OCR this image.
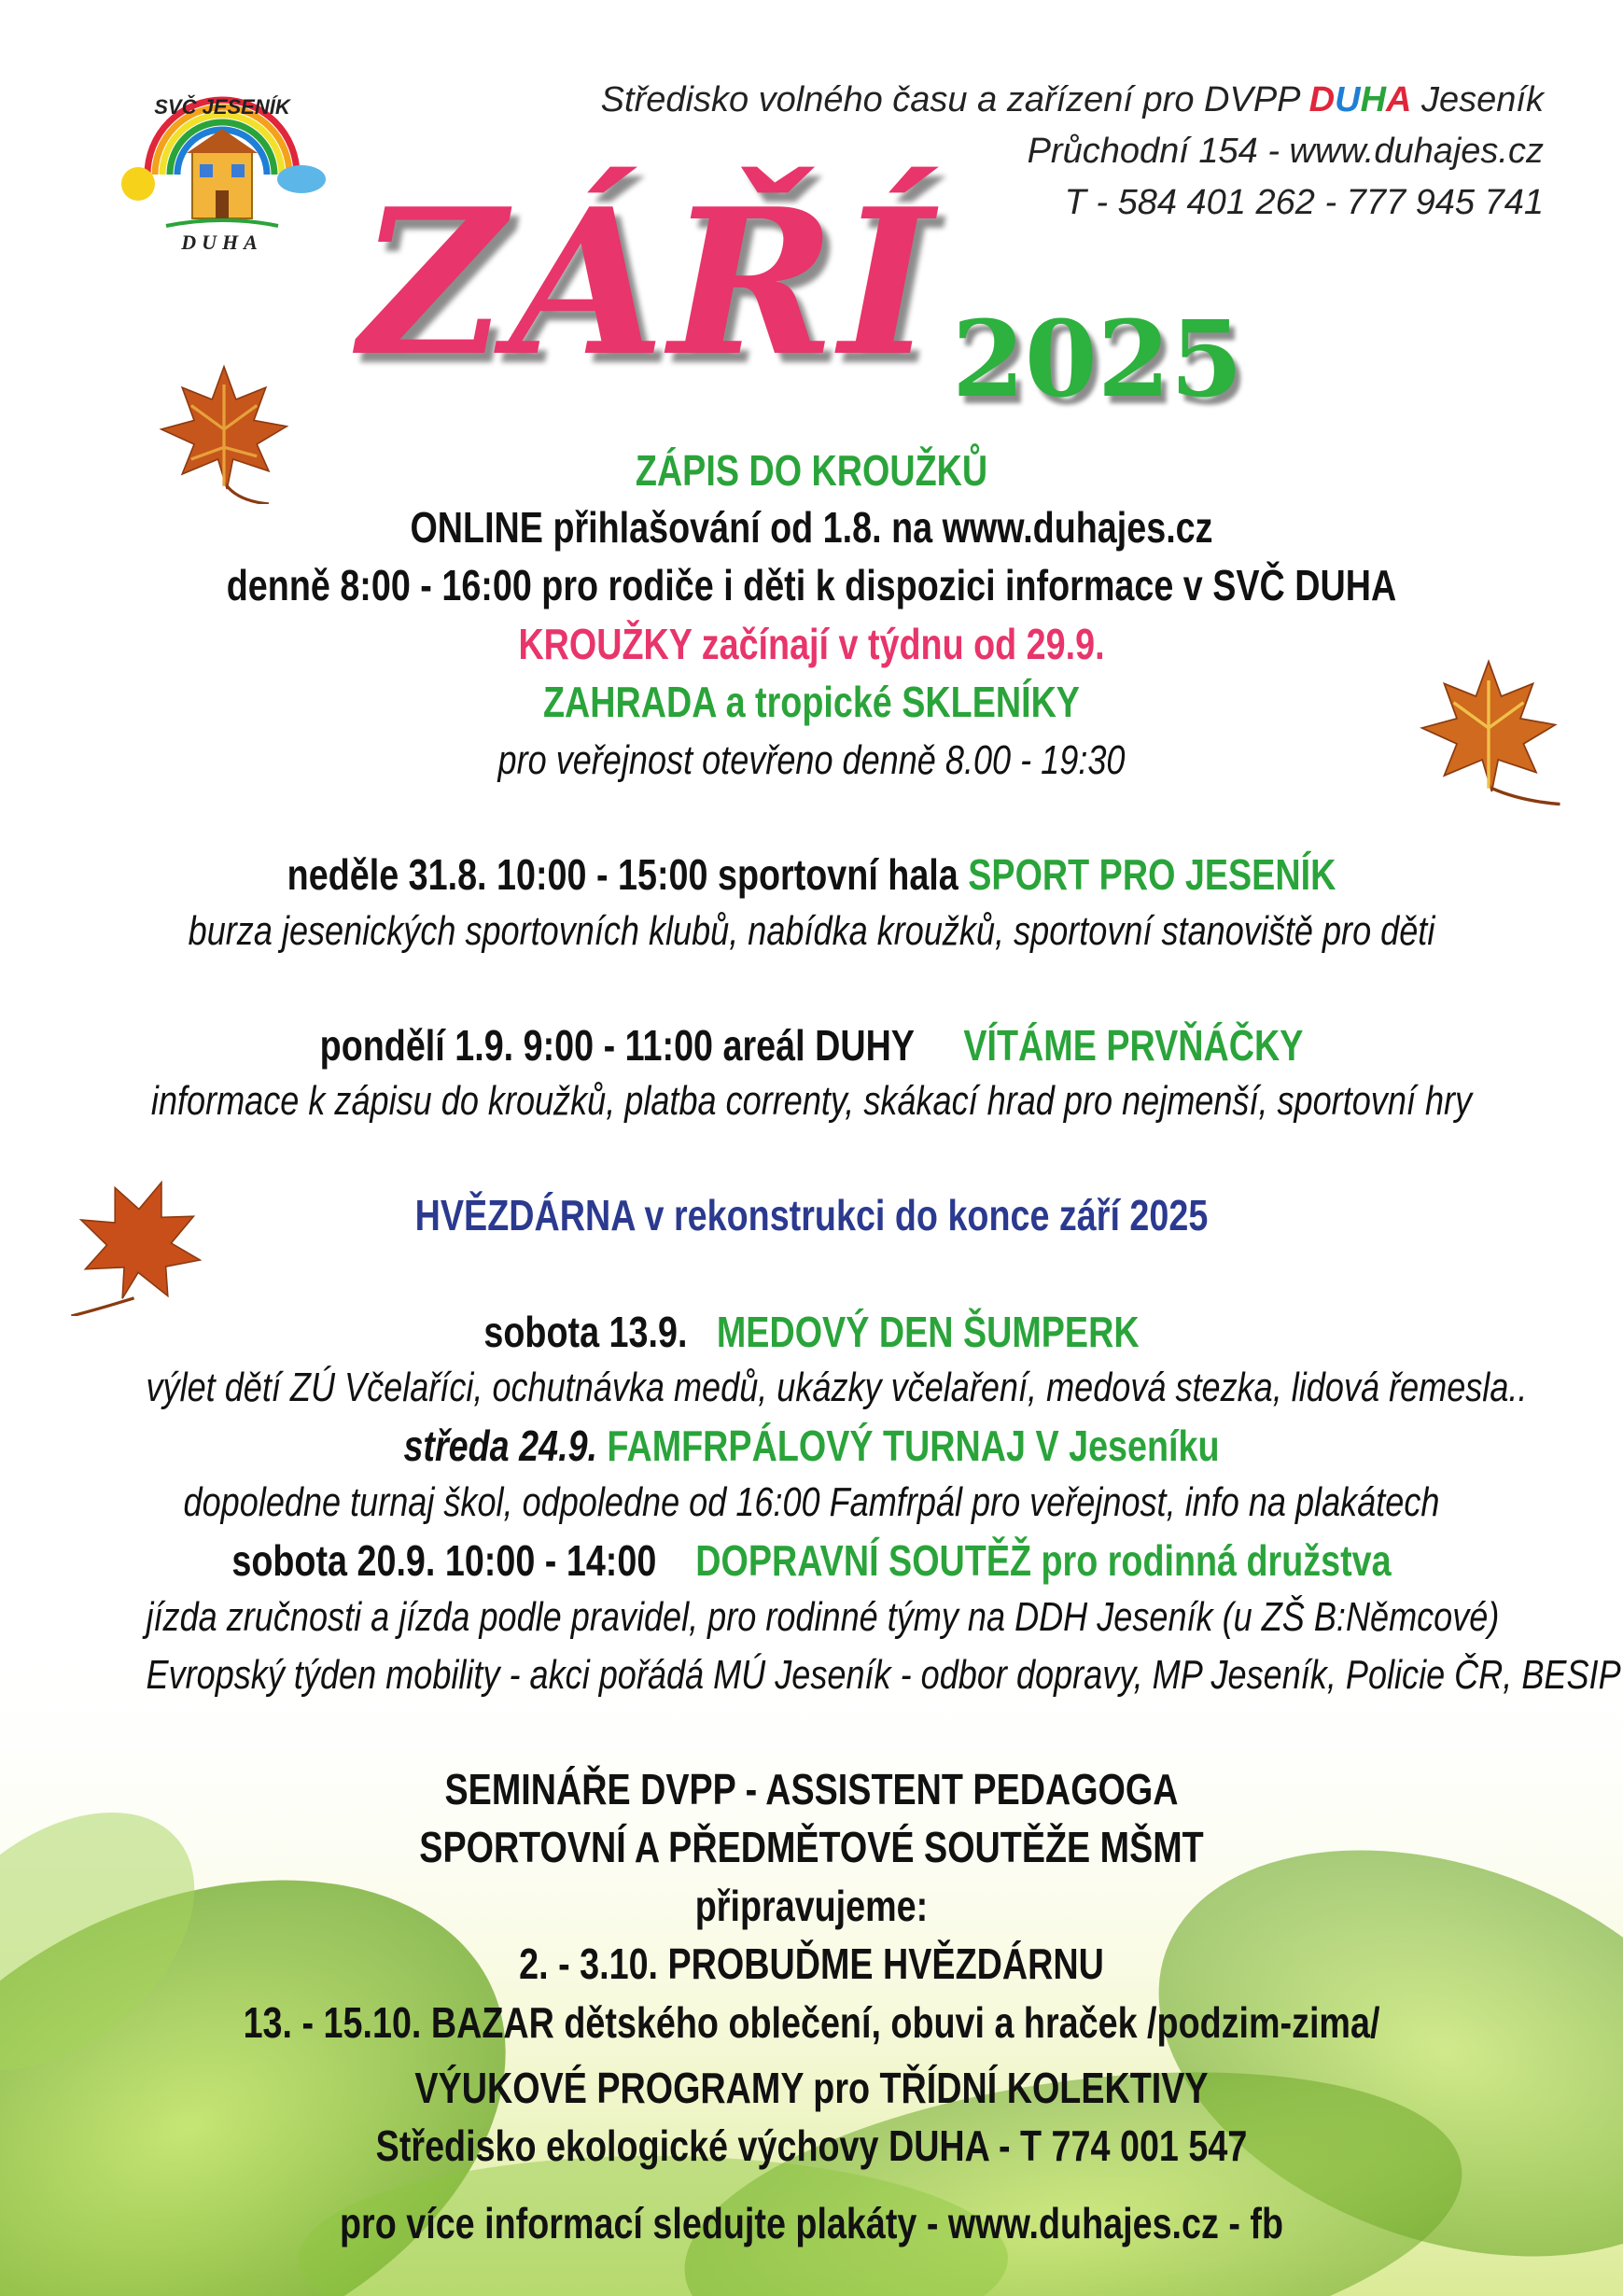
SVČ JESENÍK
DUHA
Středisko volného času a zařízení pro DVPP DUHA Jeseník
Průchodní 154 - www.duhajes.cz
T - 584 401 262 - 777 945 741
ZÁŘÍ 2025
ZÁPIS DO KROUŽKŮ
ONLINE přihlašování od 1.8. na www.duhajes.cz
denně 8:00 - 16:00 pro rodiče i děti k dispozici informace v SVČ DUHA
KROUŽKY začínají v týdnu od 29.9.
ZAHRADA a tropické SKLENÍKY
pro veřejnost otevřeno denně 8.00 - 19:30
neděle 31.8. 10:00 - 15:00 sportovní hala SPORT PRO JESENÍK
burza jesenických sportovních klubů, nabídka kroužků, sportovní stanoviště pro děti
pondělí 1.9. 9:00 - 11:00 areál DUHY VÍTÁME PRVŇÁČKY
informace k zápisu do kroužků, platba correnty, skákací hrad pro nejmenší, sportovní hry
HVĚZDÁRNA v rekonstrukci do konce září 2025
sobota 13.9. MEDOVÝ DEN ŠUMPERK
výlet dětí ZÚ Včelaříci, ochutnávka medů, ukázky včelaření, medová stezka, lidová řemesla..
středa 24.9. FAMFRPÁLOVÝ TURNAJ V Jeseníku
dopoledne turnaj škol, odpoledne od 16:00 Famfrpál pro veřejnost, info na plakátech
sobota 20.9. 10:00 - 14:00 DOPRAVNÍ SOUTĚŽ pro rodinná družstva
jízda zručnosti a jízda podle pravidel, pro rodinné týmy na DDH Jeseník (u ZŠ B:Němcové)
Evropský týden mobility - akci pořádá MÚ Jeseník - odbor dopravy, MP Jeseník, Policie ČR, BESIP
SEMINÁŘE DVPP - ASSISTENT PEDAGOGA
SPORTOVNÍ A PŘEDMĚTOVÉ SOUTĚŽE MŠMT
připravujeme:
2. - 3.10. PROBUĎME HVĚZDÁRNU
13. - 15.10. BAZAR dětského oblečení, obuvi a hraček /podzim-zima/
VÝUKOVÉ PROGRAMY pro TŘÍDNÍ KOLEKTIVY
Středisko ekologické výchovy DUHA - T 774 001 547
pro více informací sledujte plakáty - www.duhajes.cz - fb
